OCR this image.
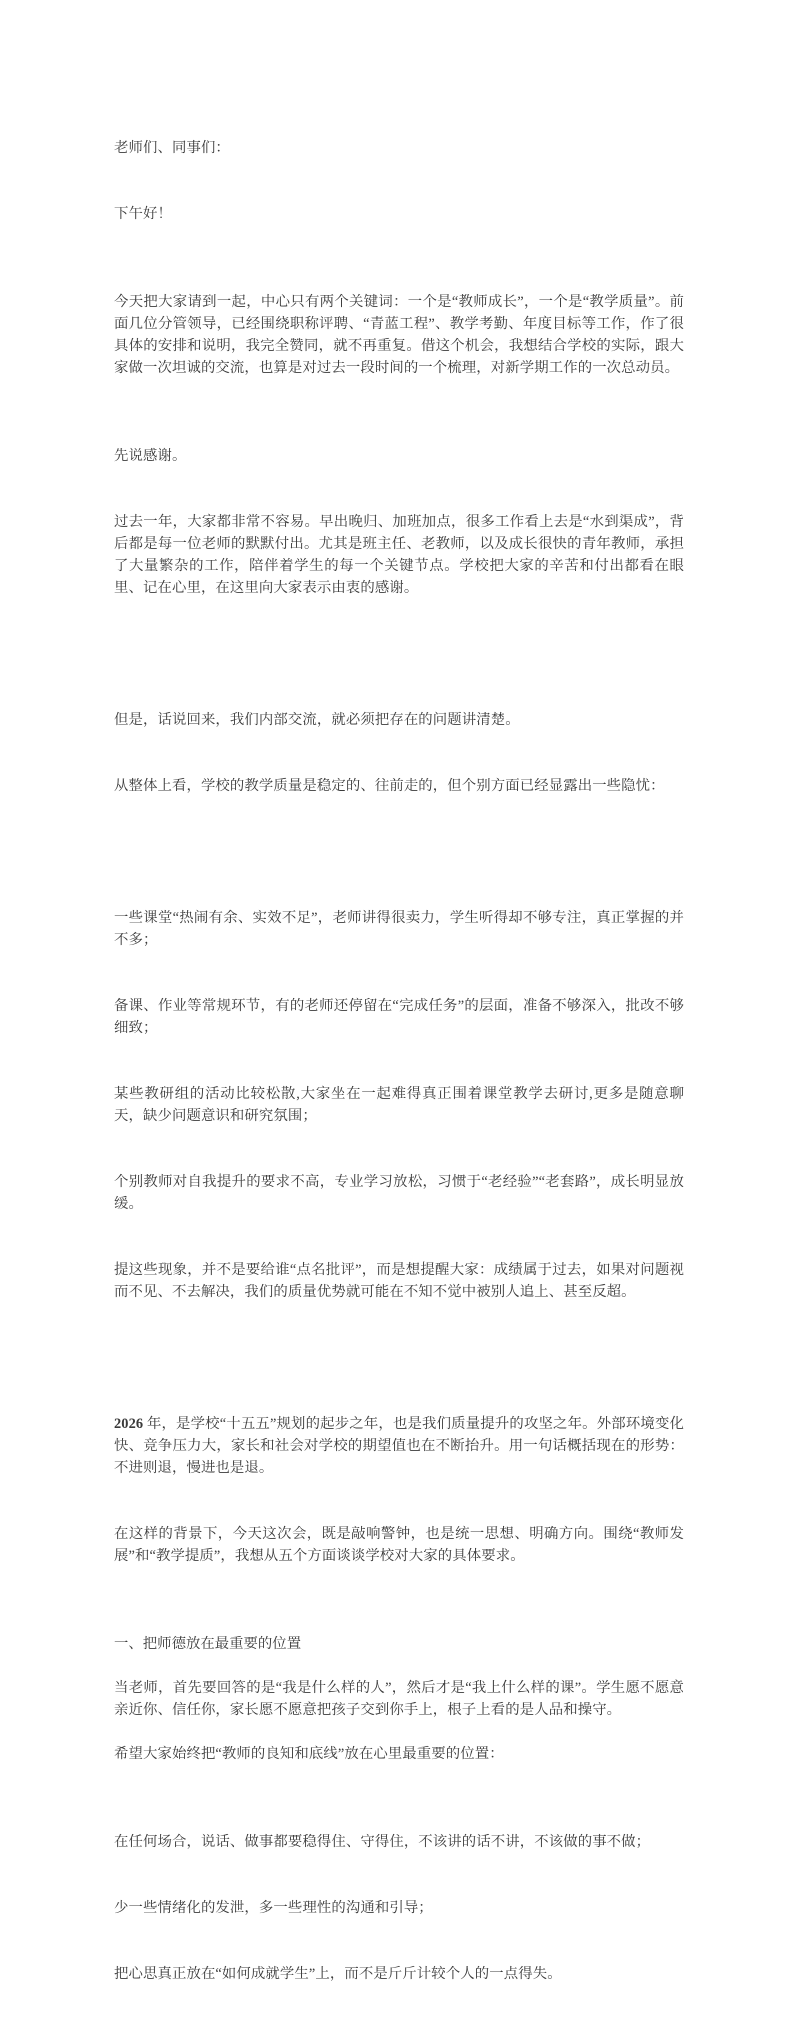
老师们、同事们：

下午好！

今天把大家请到一起，中心只有两个关键词：一个是“教师成长”，一个是“教学质量”。前面几位分管领导，已经围绕职称评聘、“青蓝工程”、教学考勤、年度目标等工作，作了很具体的安排和说明，我完全赞同，就不再重复。借这个机会，我想结合学校的实际，跟大家做一次坦诚的交流，也算是对过去一段时间的一个梳理，对新学期工作的一次总动员。

先说感谢。

过去一年，大家都非常不容易。早出晚归、加班加点，很多工作看上去是“水到渠成”，背后都是每一位老师的默默付出。尤其是班主任、老教师，以及成长很快的青年教师，承担了大量繁杂的工作，陪伴着学生的每一个关键节点。学校把大家的辛苦和付出都看在眼里、记在心里，在这里向大家表示由衷的感谢。

但是，话说回来，我们内部交流，就必须把存在的问题讲清楚。

从整体上看，学校的教学质量是稳定的、往前走的，但个别方面已经显露出一些隐忧：

一些课堂“热闹有余、实效不足”，老师讲得很卖力，学生听得却不够专注，真正掌握的并不多；

备课、作业等常规环节，有的老师还停留在“完成任务”的层面，准备不够深入，批改不够细致；

某些教研组的活动比较松散,大家坐在一起难得真正围着课堂教学去研讨,更多是随意聊天，缺少问题意识和研究氛围；

个别教师对自我提升的要求不高，专业学习放松，习惯于“老经验”“老套路”，成长明显放缓。

提这些现象，并不是要给谁“点名批评”，而是想提醒大家：成绩属于过去，如果对问题视而不见、不去解决，我们的质量优势就可能在不知不觉中被别人追上、甚至反超。

2026 年，是学校“十五五”规划的起步之年，也是我们质量提升的攻坚之年。外部环境变化快、竞争压力大，家长和社会对学校的期望值也在不断抬升。用一句话概括现在的形势：不进则退，慢进也是退。

在这样的背景下，今天这次会，既是敲响警钟，也是统一思想、明确方向。围绕“教师发展”和“教学提质”，我想从五个方面谈谈学校对大家的具体要求。

一、把师德放在最重要的位置
当老师，首先要回答的是“我是什么样的人”，然后才是“我上什么样的课”。学生愿不愿意亲近你、信任你，家长愿不愿意把孩子交到你手上，根子上看的是人品和操守。
希望大家始终把“教师的良知和底线”放在心里最重要的位置：

在任何场合，说话、做事都要稳得住、守得住，不该讲的话不讲，不该做的事不做；

少一些情绪化的发泄，多一些理性的沟通和引导；

把心思真正放在“如何成就学生”上，而不是斤斤计较个人的一点得失。
